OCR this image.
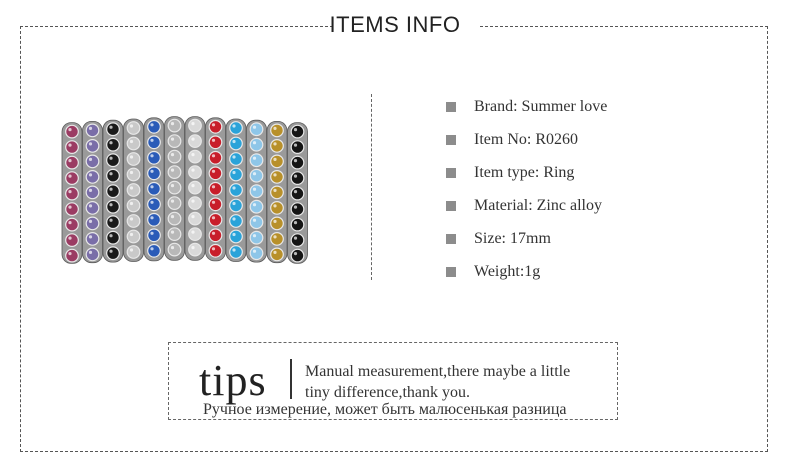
ITEMS INFO
Brand: Summer love
Item No: R0260
Item type: Ring
Material: Zinc alloy
Size: 17mm
Weight:1g
tips Manual measurement,there maybe a little
tiny difference,thank you.
Ручное измерение, может быть малюсенькая разница
